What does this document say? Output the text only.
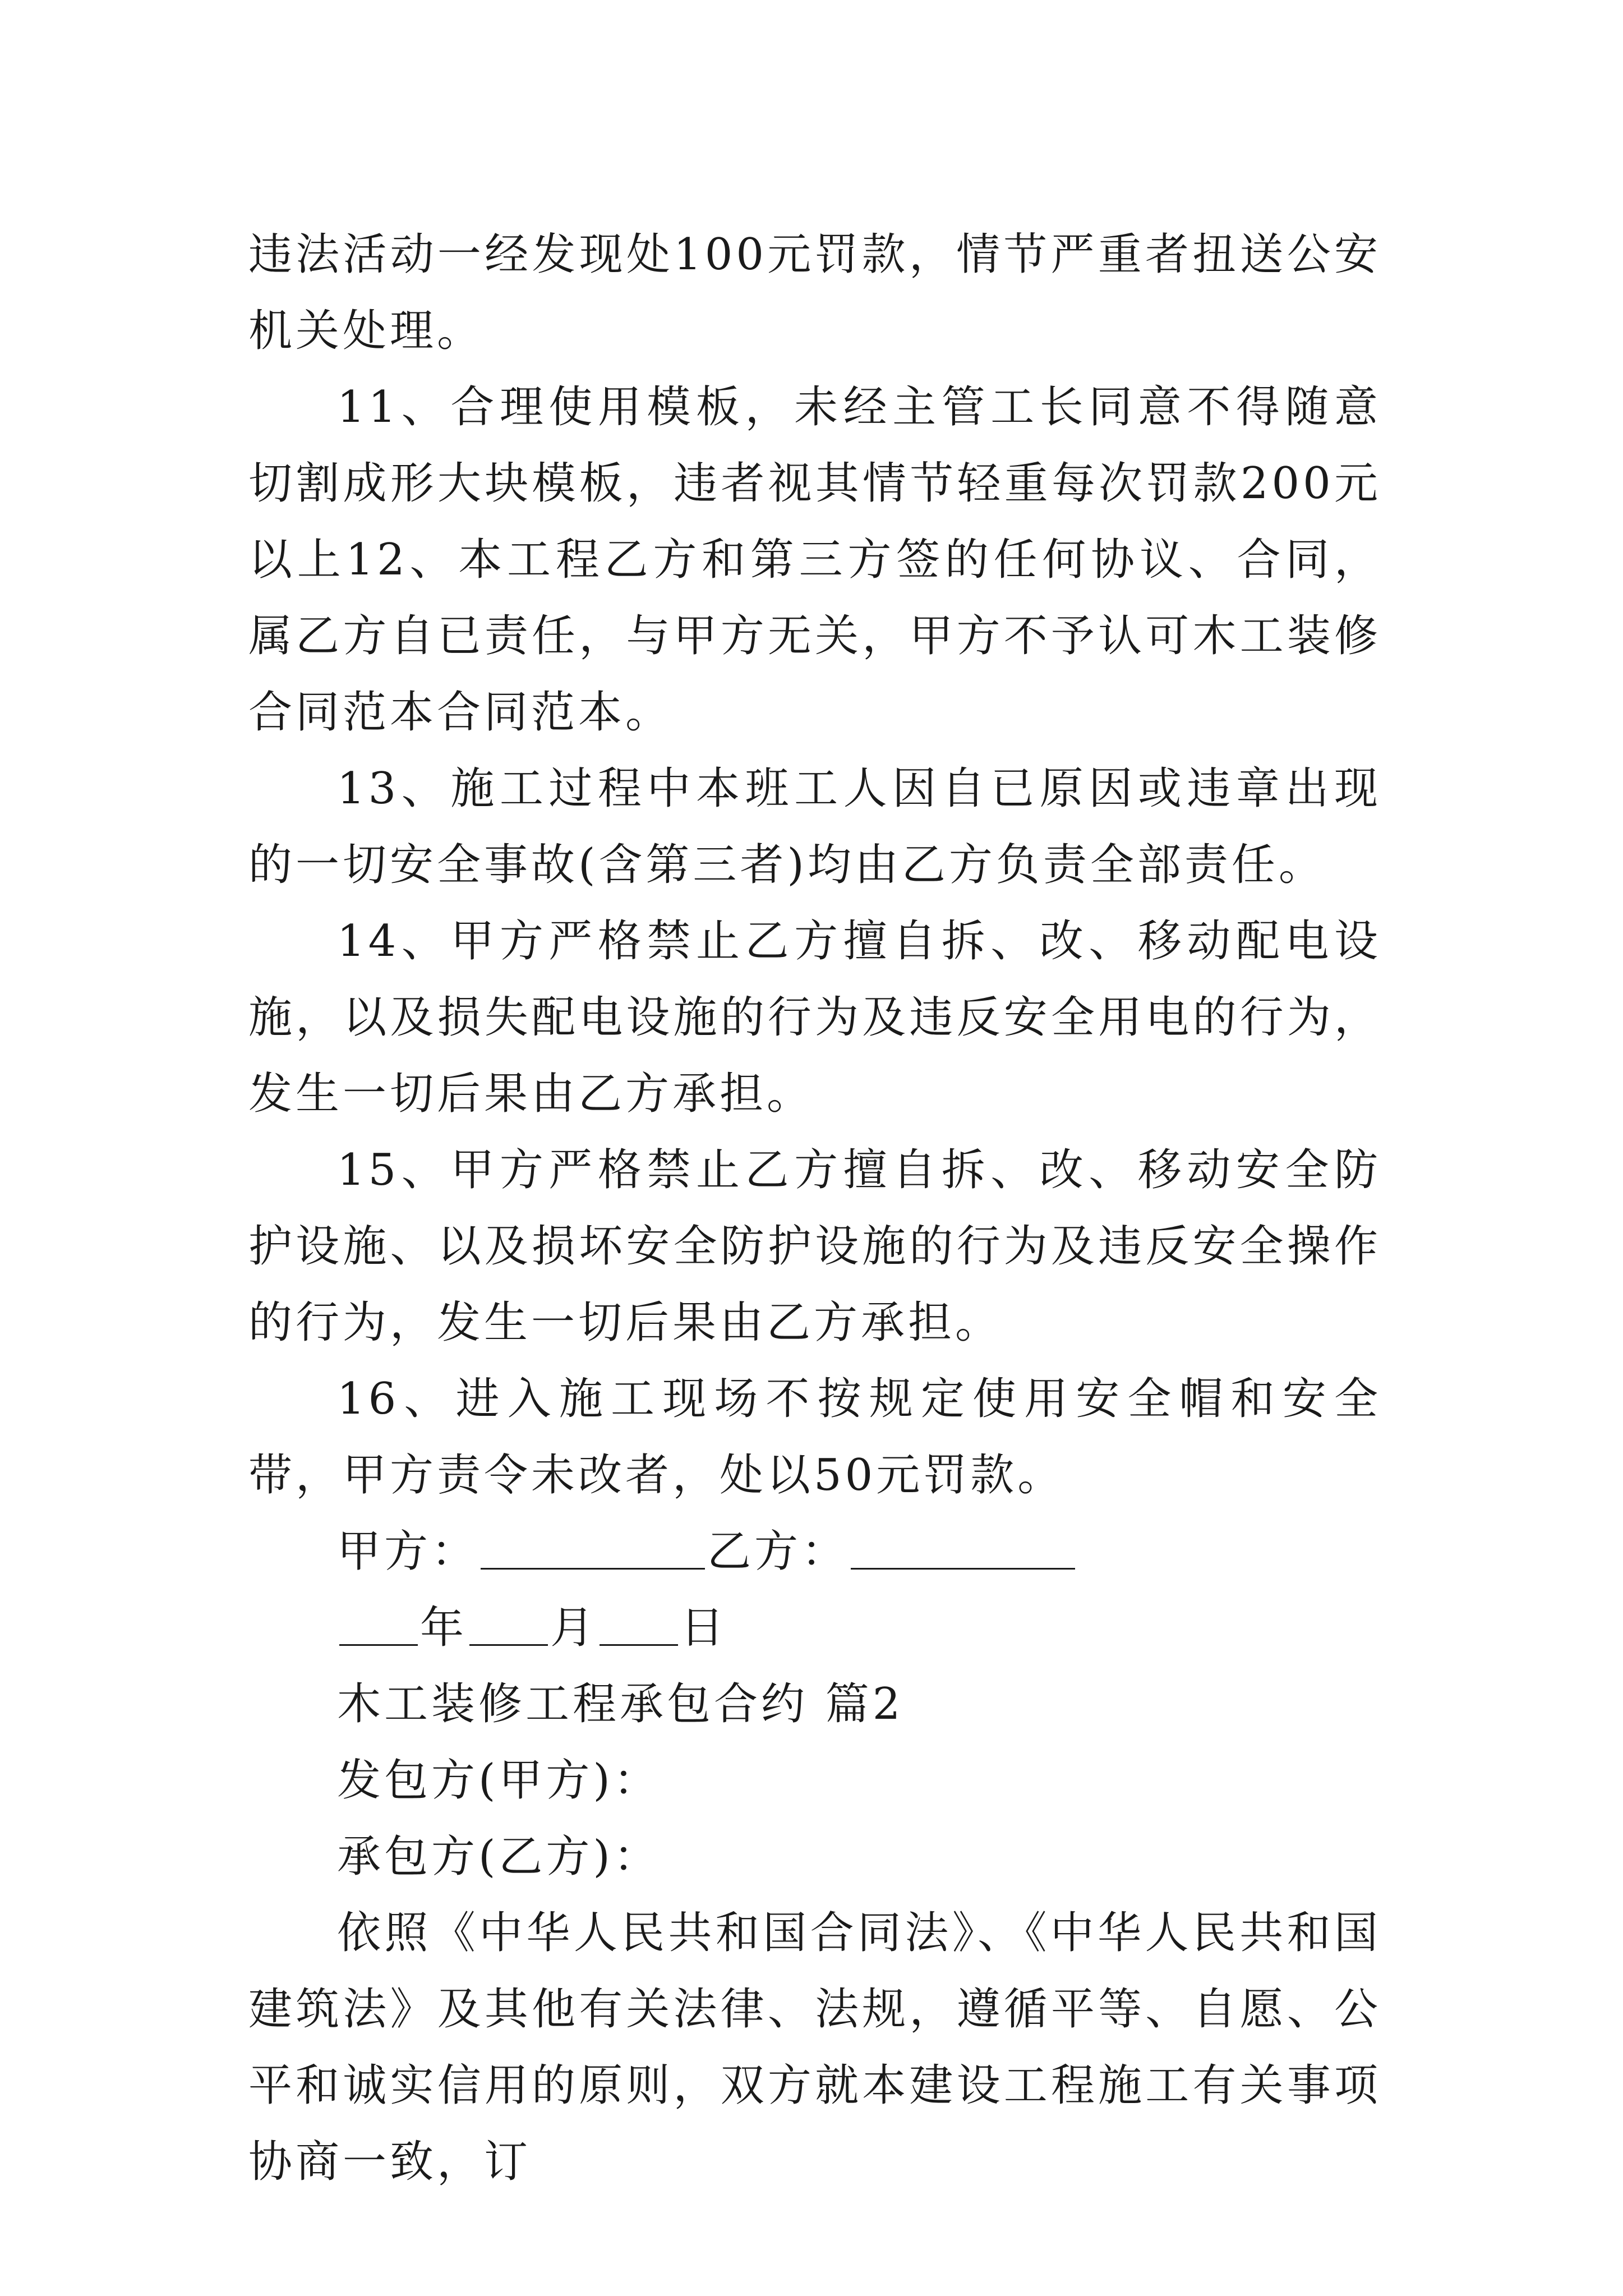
违法活动一经发现处100元罚款，情节严重者扭送公安机关处理。

11、合理使用模板，未经主管工长同意不得随意切割成形大块模板，违者视其情节轻重每次罚款200元以上12、本工程乙方和第三方签的任何协议、合同，属乙方自已责任，与甲方无关，甲方不予认可木工装修合同范本合同范本。

13、施工过程中本班工人因自已原因或违章出现的一切安全事故(含第三者)均由乙方负责全部责任。

14、甲方严格禁止乙方擅自拆、改、移动配电设施，以及损失配电设施的行为及违反安全用电的行为，发生一切后果由乙方承担。

15、甲方严格禁止乙方擅自拆、改、移动安全防护设施、以及损坏安全防护设施的行为及违反安全操作的行为，发生一切后果由乙方承担。

16、进入施工现场不按规定使用安全帽和安全带，甲方责令未改者，处以50元罚款。

甲方：	乙方：
年 月 日
木工装修工程承包合约 篇2
发包方(甲方)：
承包方(乙方)：

依照《中华人民共和国合同法》、《中华人民共和国建筑法》及其他有关法律、法规，遵循平等、自愿、公平和诚实信用的原则，双方就本建设工程施工有关事项协商一致，订
